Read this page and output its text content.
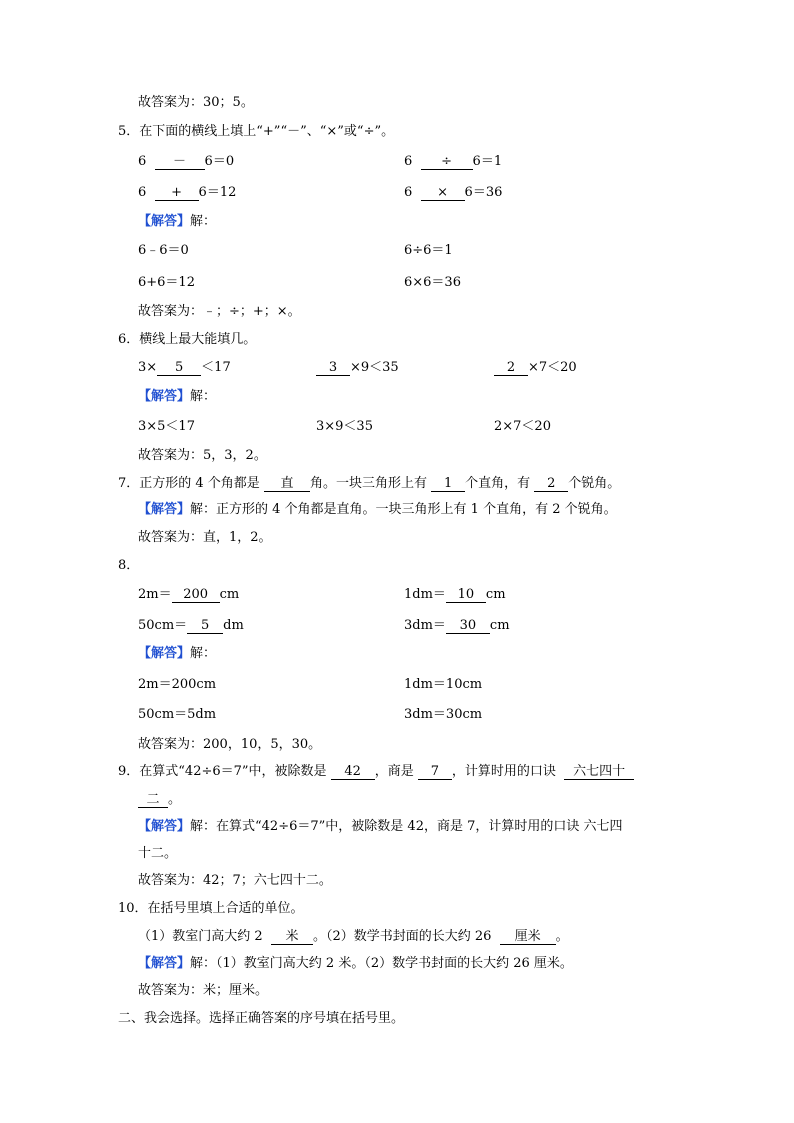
故答案为：30；5。
5．在下面的横线上填上“+”“－”、“×”或“÷”。
6 － 6＝0	6 ÷ 6＝1
6 + 6＝12	6 × 6＝36
【解答】解：
6﹣6＝0	6÷6＝1
6+6＝12	6×6＝36
故答案为：﹣；÷；+；×。
6．横线上最大能填几。
3× 5 ＜17	3 ×9＜35	2 ×7＜20
【解答】解：
3×5＜17	3×9＜35	2×7＜20
故答案为：5，3，2。
7．正方形的 4 个角都是 直 角。一块三角形上有 1 个直角，有 2 个锐角。
【解答】解：正方形的 4 个角都是直角。一块三角形上有 1 个直角，有 2 个锐角。
故答案为：直，1，2。
8．
2m＝ 200 cm	1dm＝ 10 cm
50cm＝ 5 dm	3dm＝ 30 cm
【解答】解：
2m＝200cm	1dm＝10cm
50cm＝5dm	3dm＝30cm
故答案为：200，10，5，30。
9．在算式“42÷6＝7”中，被除数是 42 ，商是 7 ，计算时用的口诀 六七四十
二 。
【解答】解：在算式“42÷6＝7”中，被除数是 42，商是 7，计算时用的口诀 六七四
十二。
故答案为：42；7；六七四十二。
10．在括号里填上合适的单位。
（1）教室门高大约 2 米 。（2）数学书封面的长大约 26 厘米 。
【解答】解：（1）教室门高大约 2 米。（2）数学书封面的长大约 26 厘米。
故答案为：米；厘米。
二、我会选择。选择正确答案的序号填在括号里。
